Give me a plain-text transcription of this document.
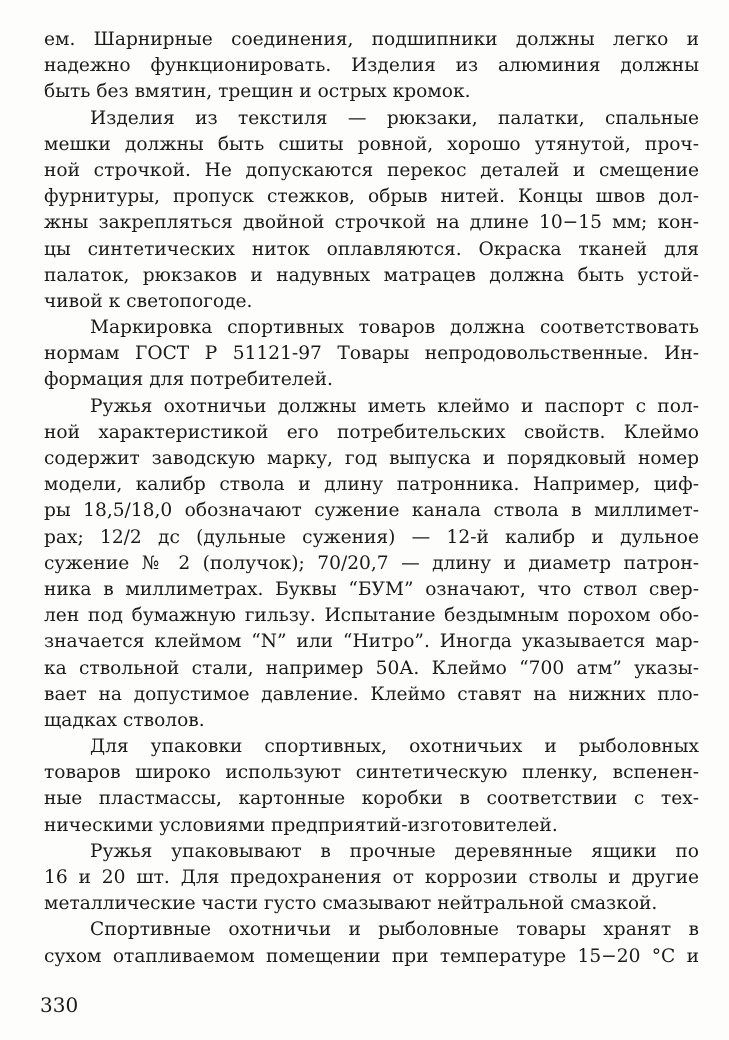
ем. Шарнирные соединения, подшипники должны легко и
надежно функционировать. Изделия из алюминия должны
быть без вмятин, трещин и острых кромок.
Изделия из текстиля — рюкзаки, палатки, спальные
мешки должны быть сшиты ровной, хорошо утянутой, проч-
ной строчкой. Не допускаются перекос деталей и смещение
фурнитуры, пропуск стежков, обрыв нитей. Концы швов дол-
жны закрепляться двойной строчкой на длине 10−15 мм; кон-
цы синтетических ниток оплавляются. Окраска тканей для
палаток, рюкзаков и надувных матрацев должна быть устой-
чивой к светопогоде.
Маркировка спортивных товаров должна соответствовать
нормам ГОСТ Р 51121-97 Товары непродовольственные. Ин-
формация для потребителей.
Ружья охотничьи должны иметь клеймо и паспорт с пол-
ной характеристикой его потребительских свойств. Клеймо
содержит заводскую марку, год выпуска и порядковый номер
модели, калибр ствола и длину патронника. Например, циф-
ры 18,5/18,0 обозначают сужение канала ствола в миллимет-
рах; 12/2 дс (дульные сужения) — 12-й калибр и дульное
сужение № 2 (получок); 70/20,7 — длину и диаметр патрон-
ника в миллиметрах. Буквы “БУМ” означают, что ствол свер-
лен под бумажную гильзу. Испытание бездымным порохом обо-
значается клеймом “N” или “Нитро”. Иногда указывается мар-
ка ствольной стали, например 50А. Клеймо “700 атм” указы-
вает на допустимое давление. Клеймо ставят на нижних пло-
щадках стволов.
Для упаковки спортивных, охотничьих и рыболовных
товаров широко используют синтетическую пленку, вспенен-
ные пластмассы, картонные коробки в соответствии с тех-
ническими условиями предприятий-изготовителей.
Ружья упаковывают в прочные деревянные ящики по
16 и 20 шт. Для предохранения от коррозии стволы и другие
металлические части густо смазывают нейтральной смазкой.
Спортивные охотничьи и рыболовные товары хранят в
сухом отапливаемом помещении при температуре 15−20 °С и
330
